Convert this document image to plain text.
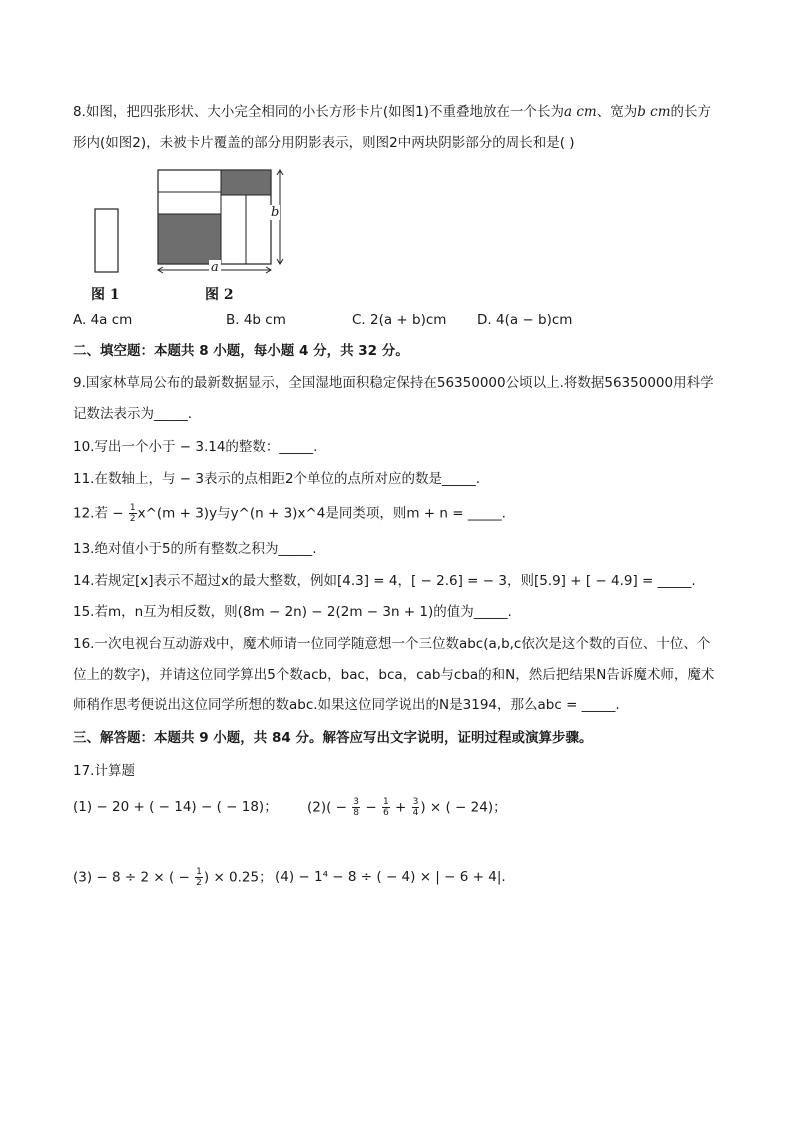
8.如图，把四张形状、大小完全相同的小长方形卡片(如图1)不重叠地放在一个长为a cm、宽为b cm的长方
形内(如图2)，未被卡片覆盖的部分用阴影表示，则图2中两块阴影部分的周长和是( )
图 1
b
a
图 2
A. 4a cm	B. 4b cm	C. 2(a + b)cm D. 4(a − b)cm
二、填空题：本题共 8 小题，每小题 4 分，共 32 分。
9.国家林草局公布的最新数据显示，全国湿地面积稳定保持在56350000公顷以上.将数据56350000用科学
记数法表示为_____.
10.写出一个小于 − 3.14的整数：_____.
11.在数轴上，与 − 3表示的点相距2个单位的点所对应的数是_____.
12.若 − $\frac{1}{2}$ x^(m + 3)y与y^(n + 3)x^4是同类项，则m + n = _____.
13.绝对值小于5的所有整数之积为_____.
14.若规定[x]表示不超过x的最大整数，例如[4.3] = 4，[ − 2.6] = − 3，则[5.9] + [ − 4.9] = _____.
15.若m，n互为相反数，则(8m − 2n) − 2(2m − 3n + 1)的值为_____.
16.一次电视台互动游戏中，魔术师请一位同学随意想一个三位数abc(a,b,c依次是这个数的百位、十位、个
位上的数字)，并请这位同学算出5个数acb，bac，bca，cab与cba的和N，然后把结果N告诉魔术师，魔术
师稍作思考便说出这位同学所想的数abc.如果这位同学说出的N是3194，那么abc = _____.
三、解答题：本题共 9 小题，共 84 分。解答应写出文字说明，证明过程或演算步骤。
17.计算题
(1) − 20 + ( − 14) − ( − 18)； $(2)( - \frac{3}{8} - \frac{1}{6} + \frac{3}{4}$ ) × ( − 24)；
(3) − 8 ÷ 2 × ( − $\frac{1}{2}$ ) × 0.25； (4) − 1⁴ − 8 ÷ ( − 4) × | − 6 + 4|.
